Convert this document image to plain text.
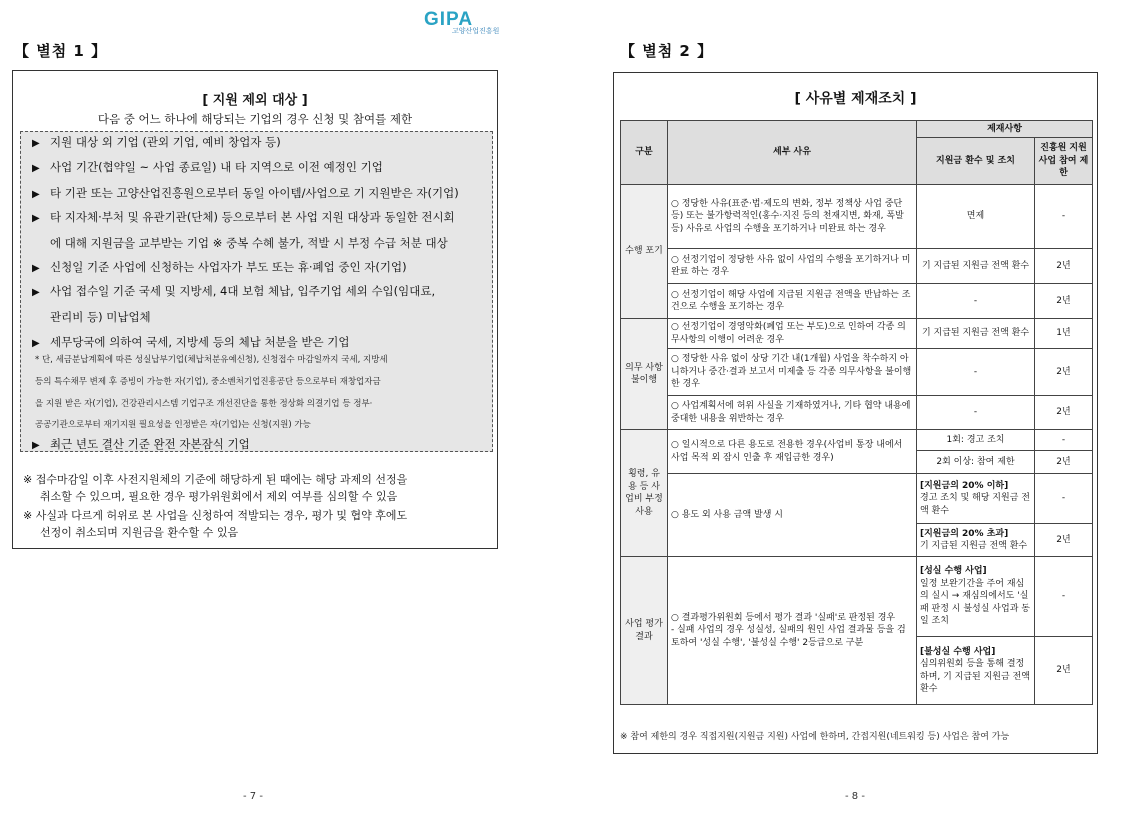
GIPA
고양산업진흥원
【 별첨 1 】
[ 지원 제외 대상 ]
다음 중 어느 하나에 해당되는 기업의 경우 신청 및 참여를 제한
▶ 지원 대상 외 기업 (관외 기업, 예비 창업자 등)
▶ 사업 기간(협약일 ~ 사업 종료일) 내 타 지역으로 이전 예정인 기업
▶ 타 기관 또는 고양산업진흥원으로부터 동일 아이템/사업으로 기 지원받은 자(기업)
▶ 타 지자체·부처 및 유관기관(단체) 등으로부터 본 사업 지원 대상과 동일한 전시회
에 대해 지원금을 교부받는 기업 ※ 중복 수혜 불가, 적발 시 부정 수급 처분 대상
▶ 신청일 기준 사업에 신청하는 사업자가 부도 또는 휴·폐업 중인 자(기업)
▶ 사업 접수일 기준 국세 및 지방세, 4대 보험 체납, 입주기업 세외 수입(임대료,
관리비 등) 미납업체
▶ 세무당국에 의하여 국세, 지방세 등의 체납 처분을 받은 기업
* 단, 세금분납계획에 따른 성실납부기업(체납처분유예신청), 신청접수 마감일까지 국세, 지방세
등의 특수채무 변제 후 증빙이 가능한 자(기업), 중소벤처기업진흥공단 등으로부터 재창업자금
을 지원 받은 자(기업), 건강관리시스템 기업구조 개선진단을 통한 정상화 의결기업 등 정부·
공공기관으로부터 재기지원 필요성을 인정받은 자(기업)는 신청(지원) 가능
▶ 최근 년도 결산 기준 완전 자본잠식 기업
※ 접수마감일 이후 사전지원체의 기준에 해당하게 된 때에는 해당 과제의 선정을
취소할 수 있으며, 필요한 경우 평가위원회에서 제외 여부를 심의할 수 있음
※ 사실과 다르게 허위로 본 사업을 신청하여 적발되는 경우, 평가 및 협약 후에도
선정이 취소되며 지원금을 환수할 수 있음
- 7 -
【 별첨 2 】
[ 사유별 제재조치 ]
구분	세부 사유	제재사항	
		지원금 환수 및 조치	진흥원 지원사업 참여 제한
수행 포기	○ 정당한 사유(표준·법·제도의 변화, 정부 정책상 사업 중단 등) 또는 불가항력적인(홍수·지진 등의 천재지변, 화재, 폭발 등) 사유로 사업의 수행을 포기하거나 미완료 하는 경우	면제	-
	○ 선정기업이 정당한 사유 없이 사업의 수행을 포기하거나 미완료 하는 경우	기 지급된 지원금 전액 환수	2년
	○ 선정기업이 해당 사업에 지급된 지원금 전액을 반납하는 조건으로 수행을 포기하는 경우	-	2년
의무 사항 불이행	○ 선정기업이 경영악화(폐업 또는 부도)으로 인하여 각종 의무사항의 이행이 어려운 경우	기 지급된 지원금 전액 환수	1년
	○ 정당한 사유 없이 상당 기간 내(1개월) 사업을 착수하지 아니하거나 중간·결과 보고서 미제출 등 각종 의무사항을 불이행한 경우	-	2년
	○ 사업계획서에 허위 사실을 기재하였거나, 기타 협약 내용에 중대한 내용을 위반하는 경우	-	2년
횡령, 유용 등 사업비 부정 사용	○ 일시적으로 다른 용도로 전용한 경우(사업비 통장 내에서 사업 목적 외 잠시 인출 후 재입금한 경우)	1회: 경고 조치	-
		2회 이상: 참여 제한	2년
	○ 용도 외 사용 금액 발생 시	[지원금의 20% 이하]
경고 조치 및 해당 지원금 전액 환수	-
		[지원금의 20% 초과]
기 지급된 지원금 전액 환수	2년
사업 평가 결과	○ 결과평가위원회 등에서 평가 결과 '실패'로 판정된 경우
- 실패 사업의 경우 성실성, 실패의 원인 사업 결과물 등을 검토하여 '성실 수행', '불성실 수행' 2등급으로 구분	[성실 수행 사업]
일정 보완기간을 주어 재심의 실시 → 재심의에서도 '실패 판정 시 불성실 사업과 동일 조치	-
		[불성실 수행 사업]
심의위원회 등을 통해 결정하며, 기 지급된 지원금 전액 환수	2년
※ 참여 제한의 경우 직접지원(지원금 지원) 사업에 한하며, 간접지원(네트워킹 등) 사업은 참여 가능
- 8 -
